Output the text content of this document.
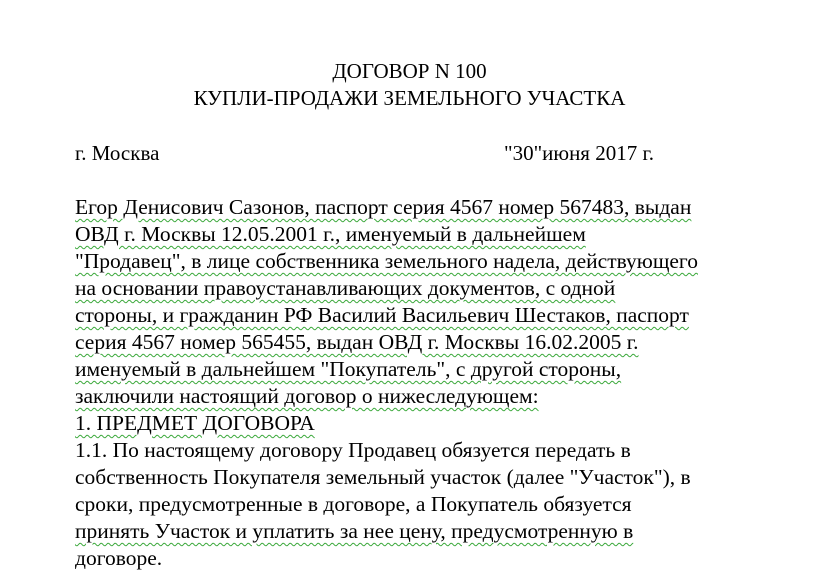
ДОГОВОР N 100
КУПЛИ-ПРОДАЖИ ЗЕМЕЛЬНОГО УЧАСТКА
г. Москва	"30"июня 2017 г.
Егор Денисович Сазонов, паспорт серия 4567 номер 567483, выдан
ОВД г. Москвы 12.05.2001 г., именуемый в дальнейшем
"Продавец", в лице собственника земельного надела, действующего
на основании правоустанавливающих документов, с одной
стороны, и гражданин РФ Василий Васильевич Шестаков, паспорт
серия 4567 номер 565455, выдан ОВД г. Москвы 16.02.2005 г.
именуемый в дальнейшем "Покупатель", с другой стороны,
заключили настоящий договор о нижеследующем:
1. ПРЕДМЕТ ДОГОВОРА
1.1. По настоящему договору Продавец обязуется передать в
собственность Покупателя земельный участок (далее "Участок"), в
сроки, предусмотренные в договоре, а Покупатель обязуется
принять Участок и уплатить за нее цену, предусмотренную в
договоре.
